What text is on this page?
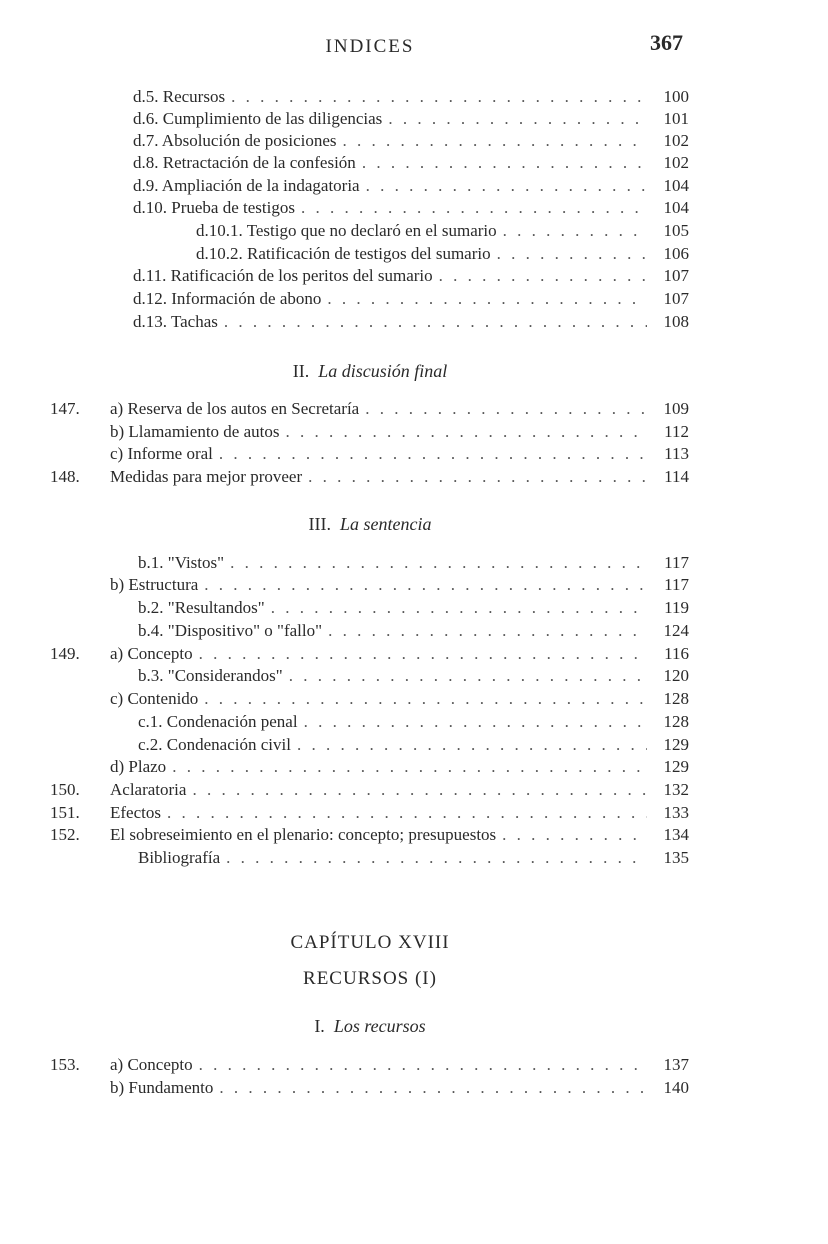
INDICES	367
d.5. Recursos . . .	100
d.6. Cumplimiento de las diligencias . . .	101
d.7. Absolución de posiciones . . .	102
d.8. Retractación de la confesión . . .	102
d.9. Ampliación de la indagatoria . . .	104
d.10. Prueba de testigos . . .	104
d.10.1. Testigo que no declaró en el sumario . . .	105
d.10.2. Ratificación de testigos del sumario . . .	106
d.11. Ratificación de los peritos del sumario . . .	107
d.12. Información de abono . . .	107
d.13. Tachas . . .	108
II. La discusión final
147. a) Reserva de los autos en Secretaría . . .	109
b) Llamamiento de autos . . .	112
c) Informe oral . . .	113
148. Medidas para mejor proveer . . .	114
III. La sentencia
b.1. "Vistos" . . .	117
b) Estructura . . .	117
b.2. "Resultandos" . . .	119
b.4. "Dispositivo" o "fallo" . . .	124
149. a) Concepto . . .	116
b.3. "Considerandos" . . .	120
c) Contenido . . .	128
c.1. Condenación penal . . .	128
c.2. Condenación civil . . .	129
d) Plazo . . .	129
150. Aclaratoria . . .	132
151. Efectos . . .	133
152. El sobreseimiento en el plenario: concepto; presupuestos . . .	134
Bibliografía . . .	135
CAPÍTULO XVIII
RECURSOS (I)
I. Los recursos
153. a) Concepto . . .	137
b) Fundamento . . .	140
